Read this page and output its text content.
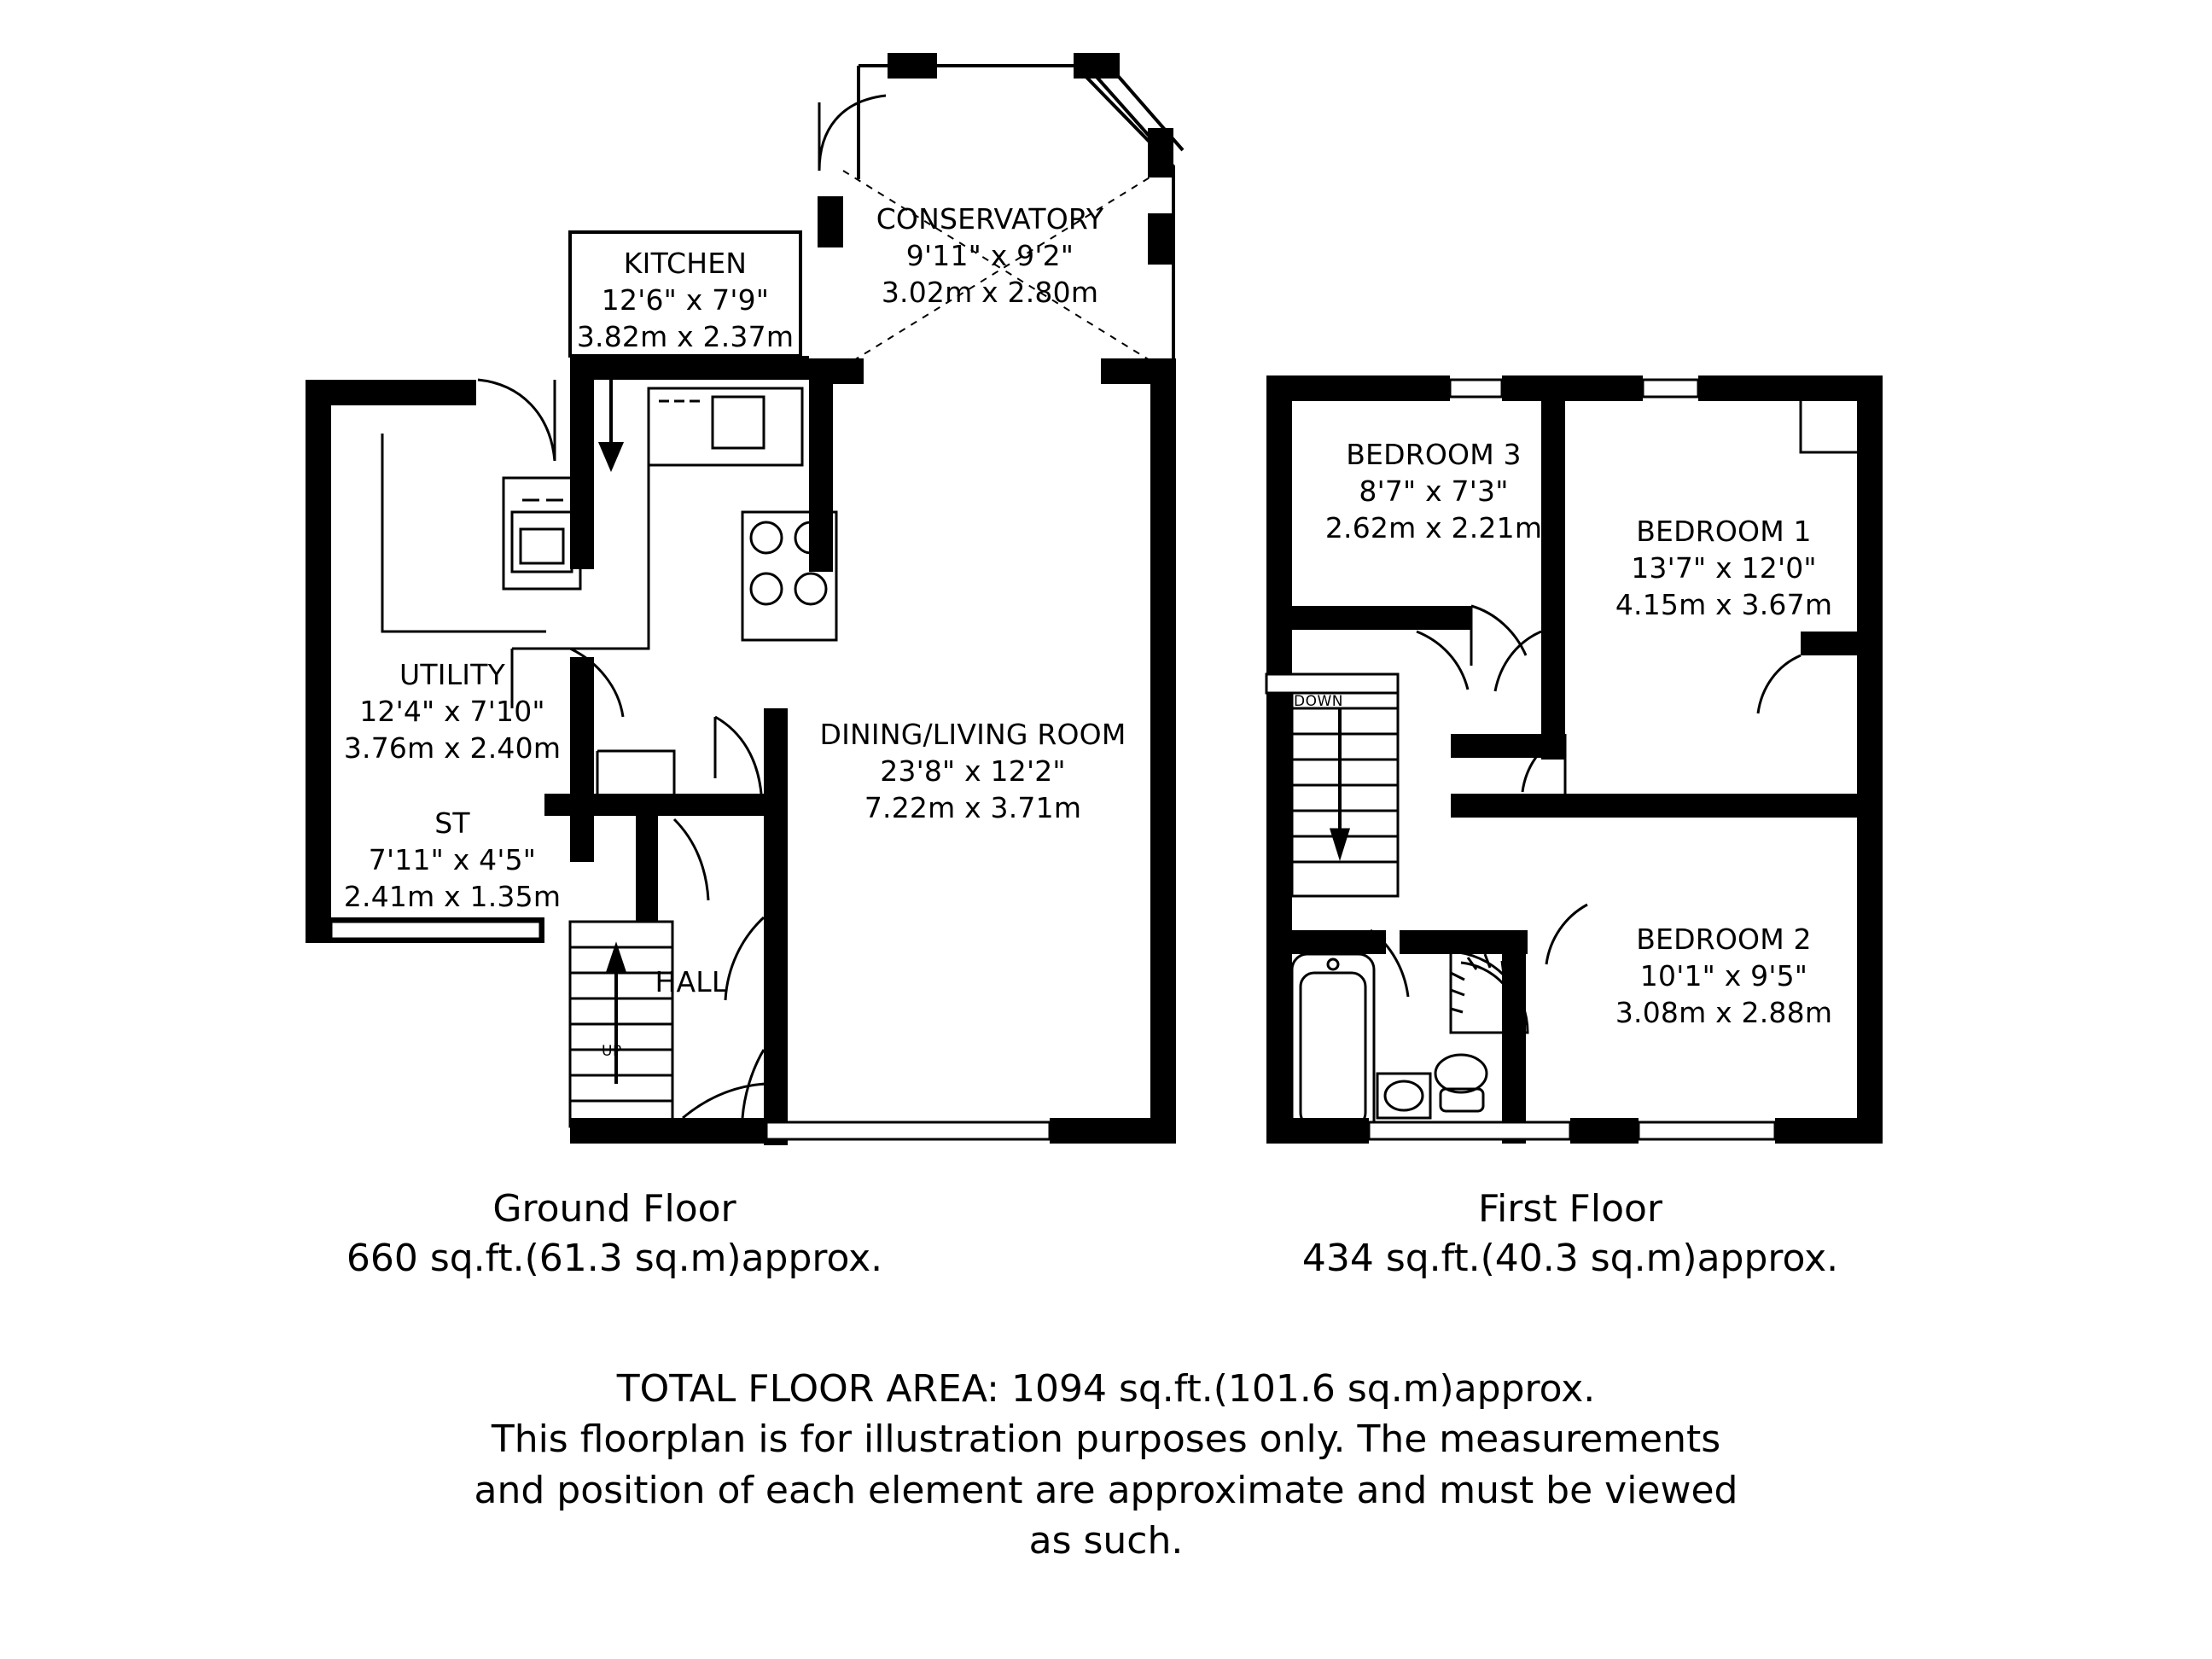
KITCHEN
12'6" x 7'9"
3.82m x 2.37m
CONSERVATORY
9'11" x 9'2"
3.02m x 2.80m
UTILITY
12'4" x 7'10"
3.76m x 2.40m
ST
7'11" x 4'5"
2.41m x 1.35m
DINING/LIVING ROOM
23'8" x 12'2"
7.22m x 3.71m
HALL
UP
BEDROOM 3
8'7" x 7'3"
2.62m x 2.21m	BEDROOM 1
13'7" x 12'0"
4.15m x 3.67m
BEDROOM 2
10'1" x 9'5"
3.08m x 2.88m
DOWN
Ground Floor
660 sq.ft.(61.3 sq.m)approx.
First Floor
434 sq.ft.(40.3 sq.m)approx.
TOTAL FLOOR AREA: 1094 sq.ft.(101.6 sq.m)approx.
This floorplan is for illustration purposes only. The measurements
and position of each element are approximate and must be viewed
as such.
